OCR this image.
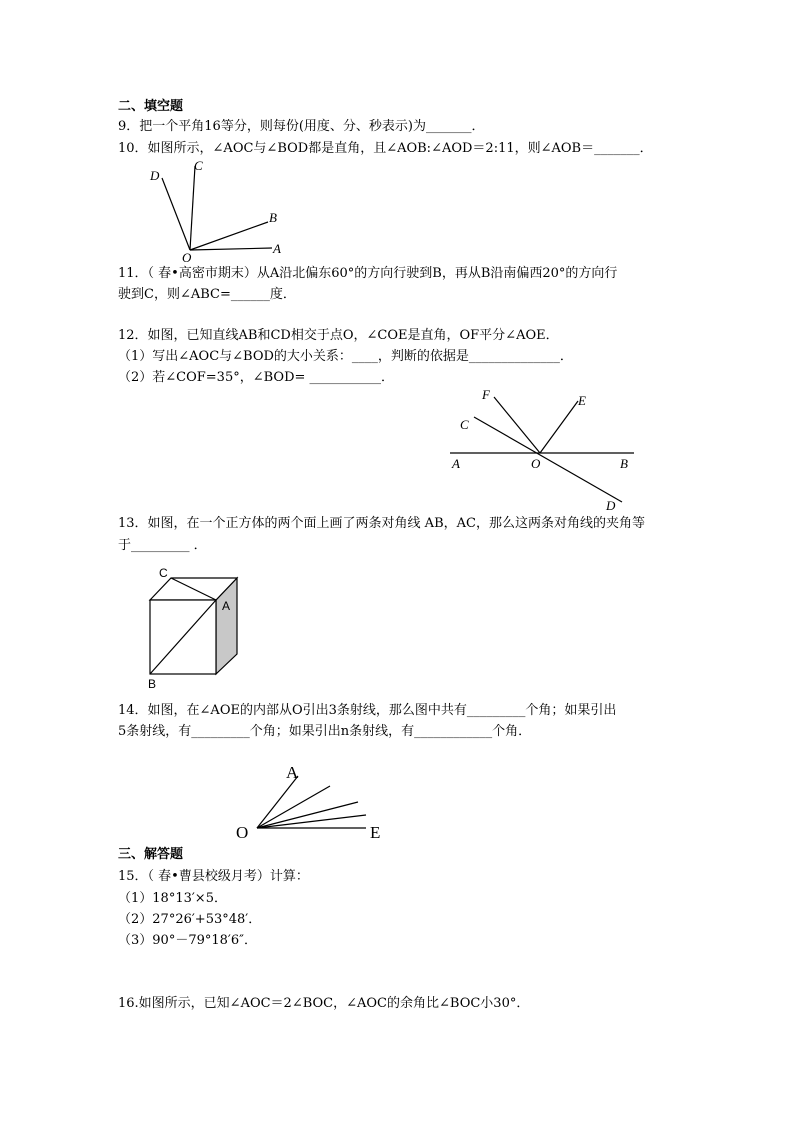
二、填空题
9．把一个平角16等分，则每份(用度、分、秒表示)为_______．
10．如图所示，∠AOC与∠BOD都是直角，且∠AOB:∠AOD＝2:11，则∠AOB＝_______．
D
C
B
O
A
11．（ 春•高密市期末）从A沿北偏东60°的方向行驶到B，再从B沿南偏西20°的方向行
驶到C，则∠ABC=______度．
12．如图，已知直线AB和CD相交于点O，∠COE是直角，OF平分∠AOE．
（1）写出∠AOC与∠BOD的大小关系：____，判断的依据是______________．
（2）若∠COF=35°，∠BOD= ___________．
F	E
C
A	O	B
D
13．如图，在一个正方体的两个面上画了两条对角线 AB，AC，那么这两条对角线的夹角等
于_________ ．
C
A
B
14．如图，在∠AOE的内部从O引出3条射线，那么图中共有_________个角；如果引出
5条射线，有_________个角；如果引出n条射线，有____________个角．
A
O	E
三、解答题
15．（ 春•曹县校级月考）计算：
（1）18°13′×5．
（2）27°26′+53°48′．
（3）90°－79°18′6″．
16.如图所示，已知∠AOC＝2∠BOC，∠AOC的余角比∠BOC小30°．
